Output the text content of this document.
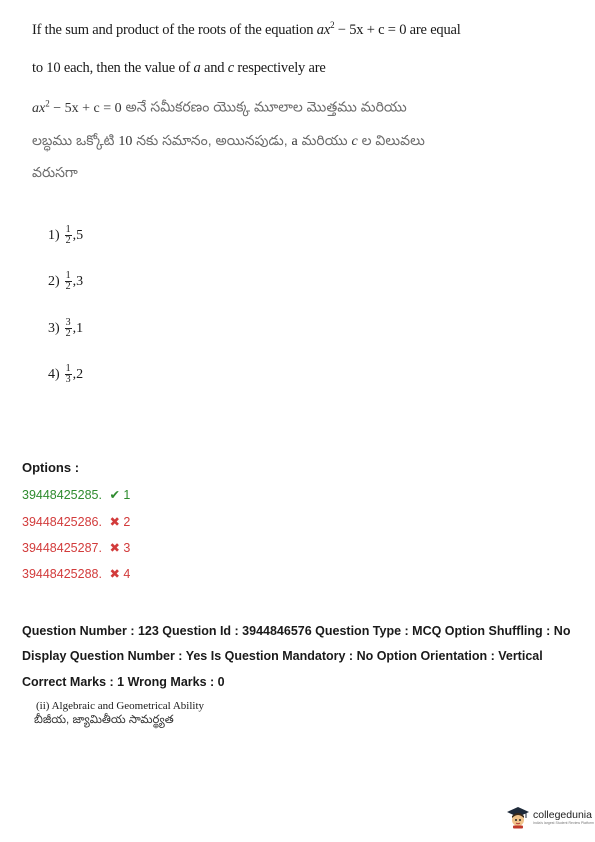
If the sum and product of the roots of the equation $ax^2 - 5x + c = 0$ are equal
to 10 each, then the value of a and c respectively are
$ax^2 - 5x + c = 0$ అనే సమీకరణం యొక్క మూలాల మొత్తము మరియు
లబ్ధము ఒక్కోటి 10 నకు సమానం, అయినపుడు, a మరియు c ల విలువలు
వరుసగా
$1) \frac{1}{2} ,5$
$2) \frac{1}{2} ,3$
$3) \frac{3}{2} ,1$
$4) \frac{1}{3} ,2$
Options :
39448425285. ✔ 1
39448425286. ✖ 2
39448425287. ✖ 3
39448425288. ✖ 4
Question Number : 123 Question Id : 3944846576 Question Type : MCQ Option Shuffling : No
Display Question Number : Yes Is Question Mandatory : No Option Orientation : Vertical
Correct Marks : 1 Wrong Marks : 0
(ii) Algebraic and Geometrical Ability
బీజీయ, జ్యామితీయ సామర్థ్యత
collegedunia
India's largest Student Review Platform
